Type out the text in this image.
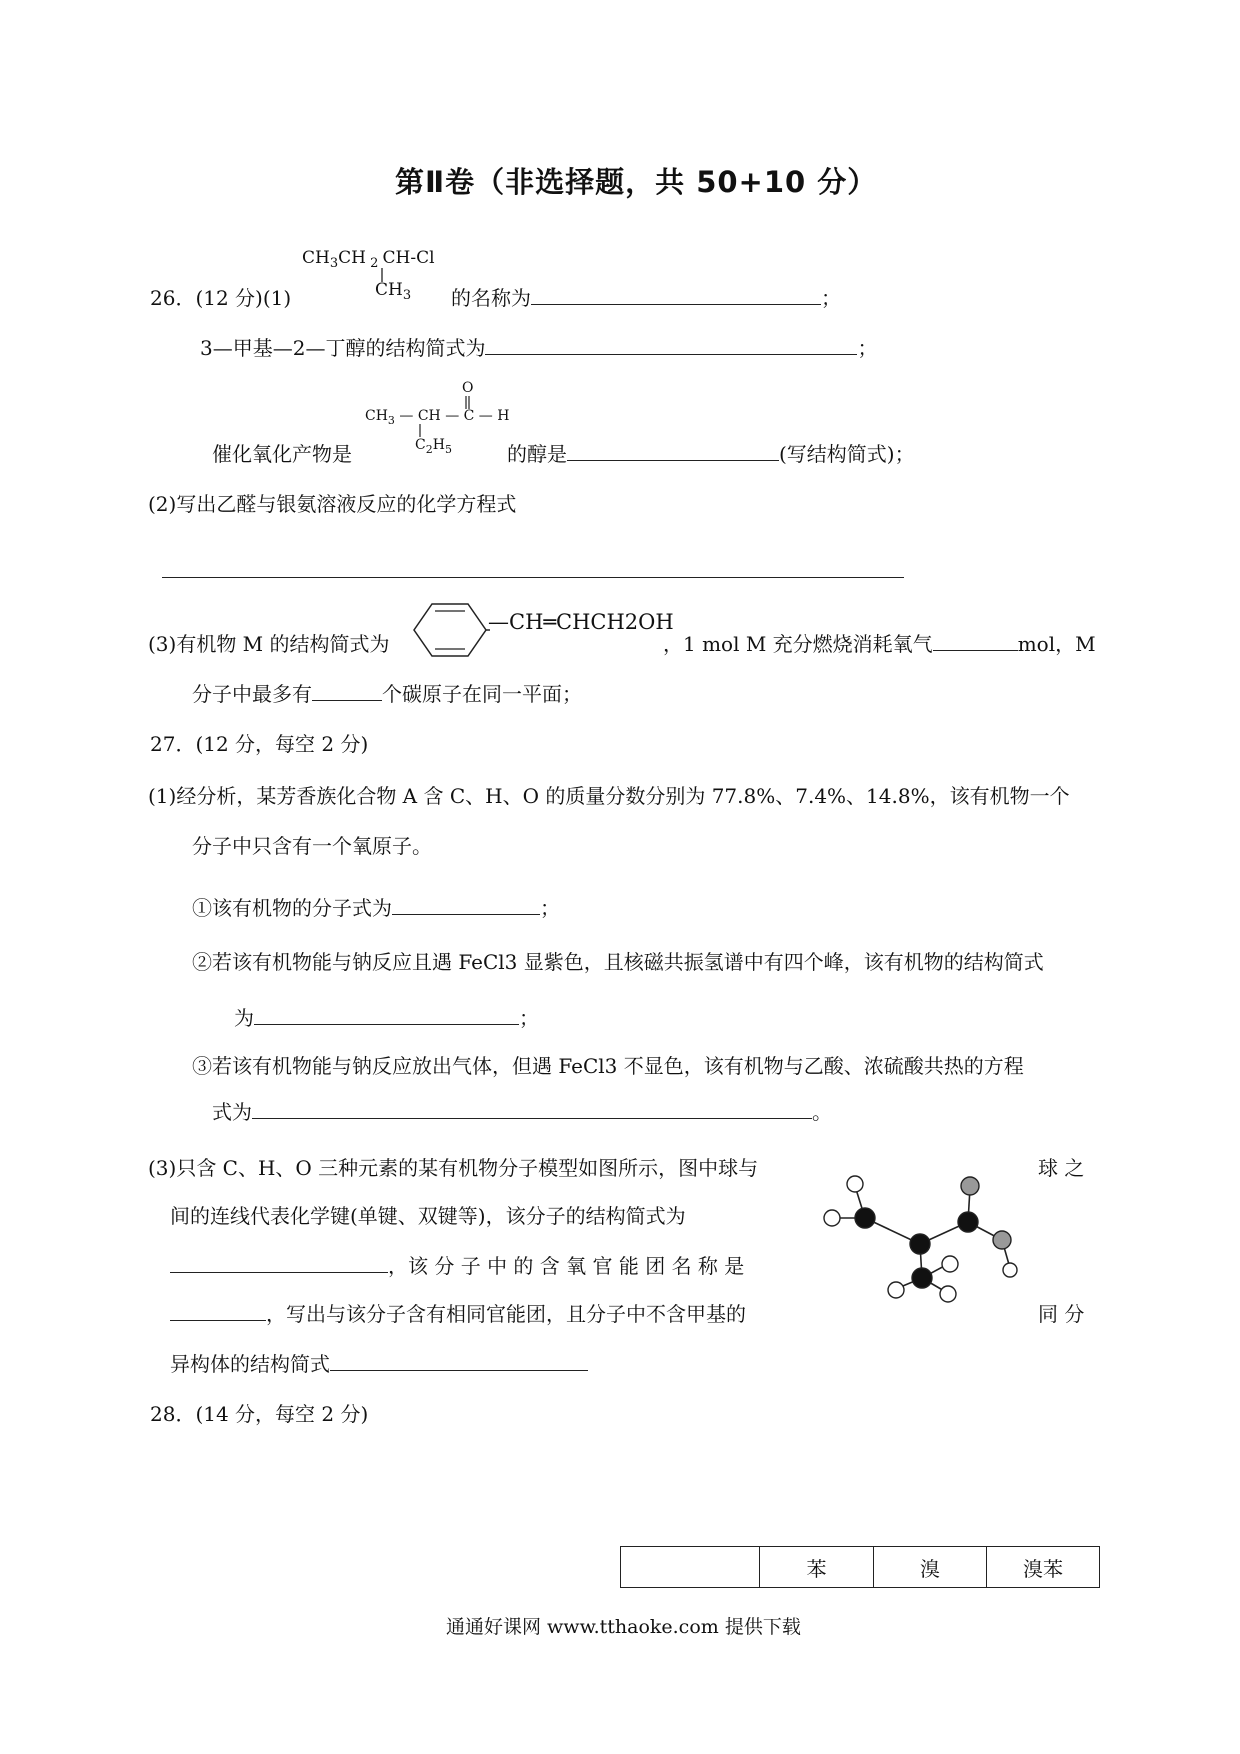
第Ⅱ卷（非选择题，共 50+10 分）
$CH_3CH$ $_2$ CH-Cl
$CH_3$
26．(12 分)(1)	的名称为	；
3—甲基—2—丁醇的结构简式为	；
O
$CH_3$ — CH — C — H
$C_2H_5$
催化氧化产物是	的醇是	(写结构简式)；
(2)写出乙醛与银氨溶液反应的化学方程式
(3)有机物 M 的结构简式为
—CH═CHCH2OH
，1 mol M 充分燃烧消耗氧气	mol，M
分子中最多有	个碳原子在同一平面；
27．(12 分，每空 2 分)
(1)经分析，某芳香族化合物 A 含 C、H、O 的质量分数分别为 77.8%、7.4%、14.8%，该有机物一个
分子中只含有一个氧原子。
①该有机物的分子式为	；
②若该有机物能与钠反应且遇 FeCl3 显紫色，且核磁共振氢谱中有四个峰，该有机物的结构简式
为	；
③若该有机物能与钠反应放出气体，但遇 FeCl3 不显色，该有机物与乙酸、浓硫酸共热的方程
式为	。
(3)只含 C、H、O 三种元素的某有机物分子模型如图所示，图中球与	球 之
间的连线代表化学键(单键、双键等)，该分子的结构简式为
，该 分 子 中 的 含 氧 官 能 团 名 称 是
，写出与该分子含有相同官能团，且分子中不含甲基的	同 分
异构体的结构简式
28．(14 分，每空 2 分)
	苯	溴	溴苯
通通好课网 www.tthaoke.com 提供下载
